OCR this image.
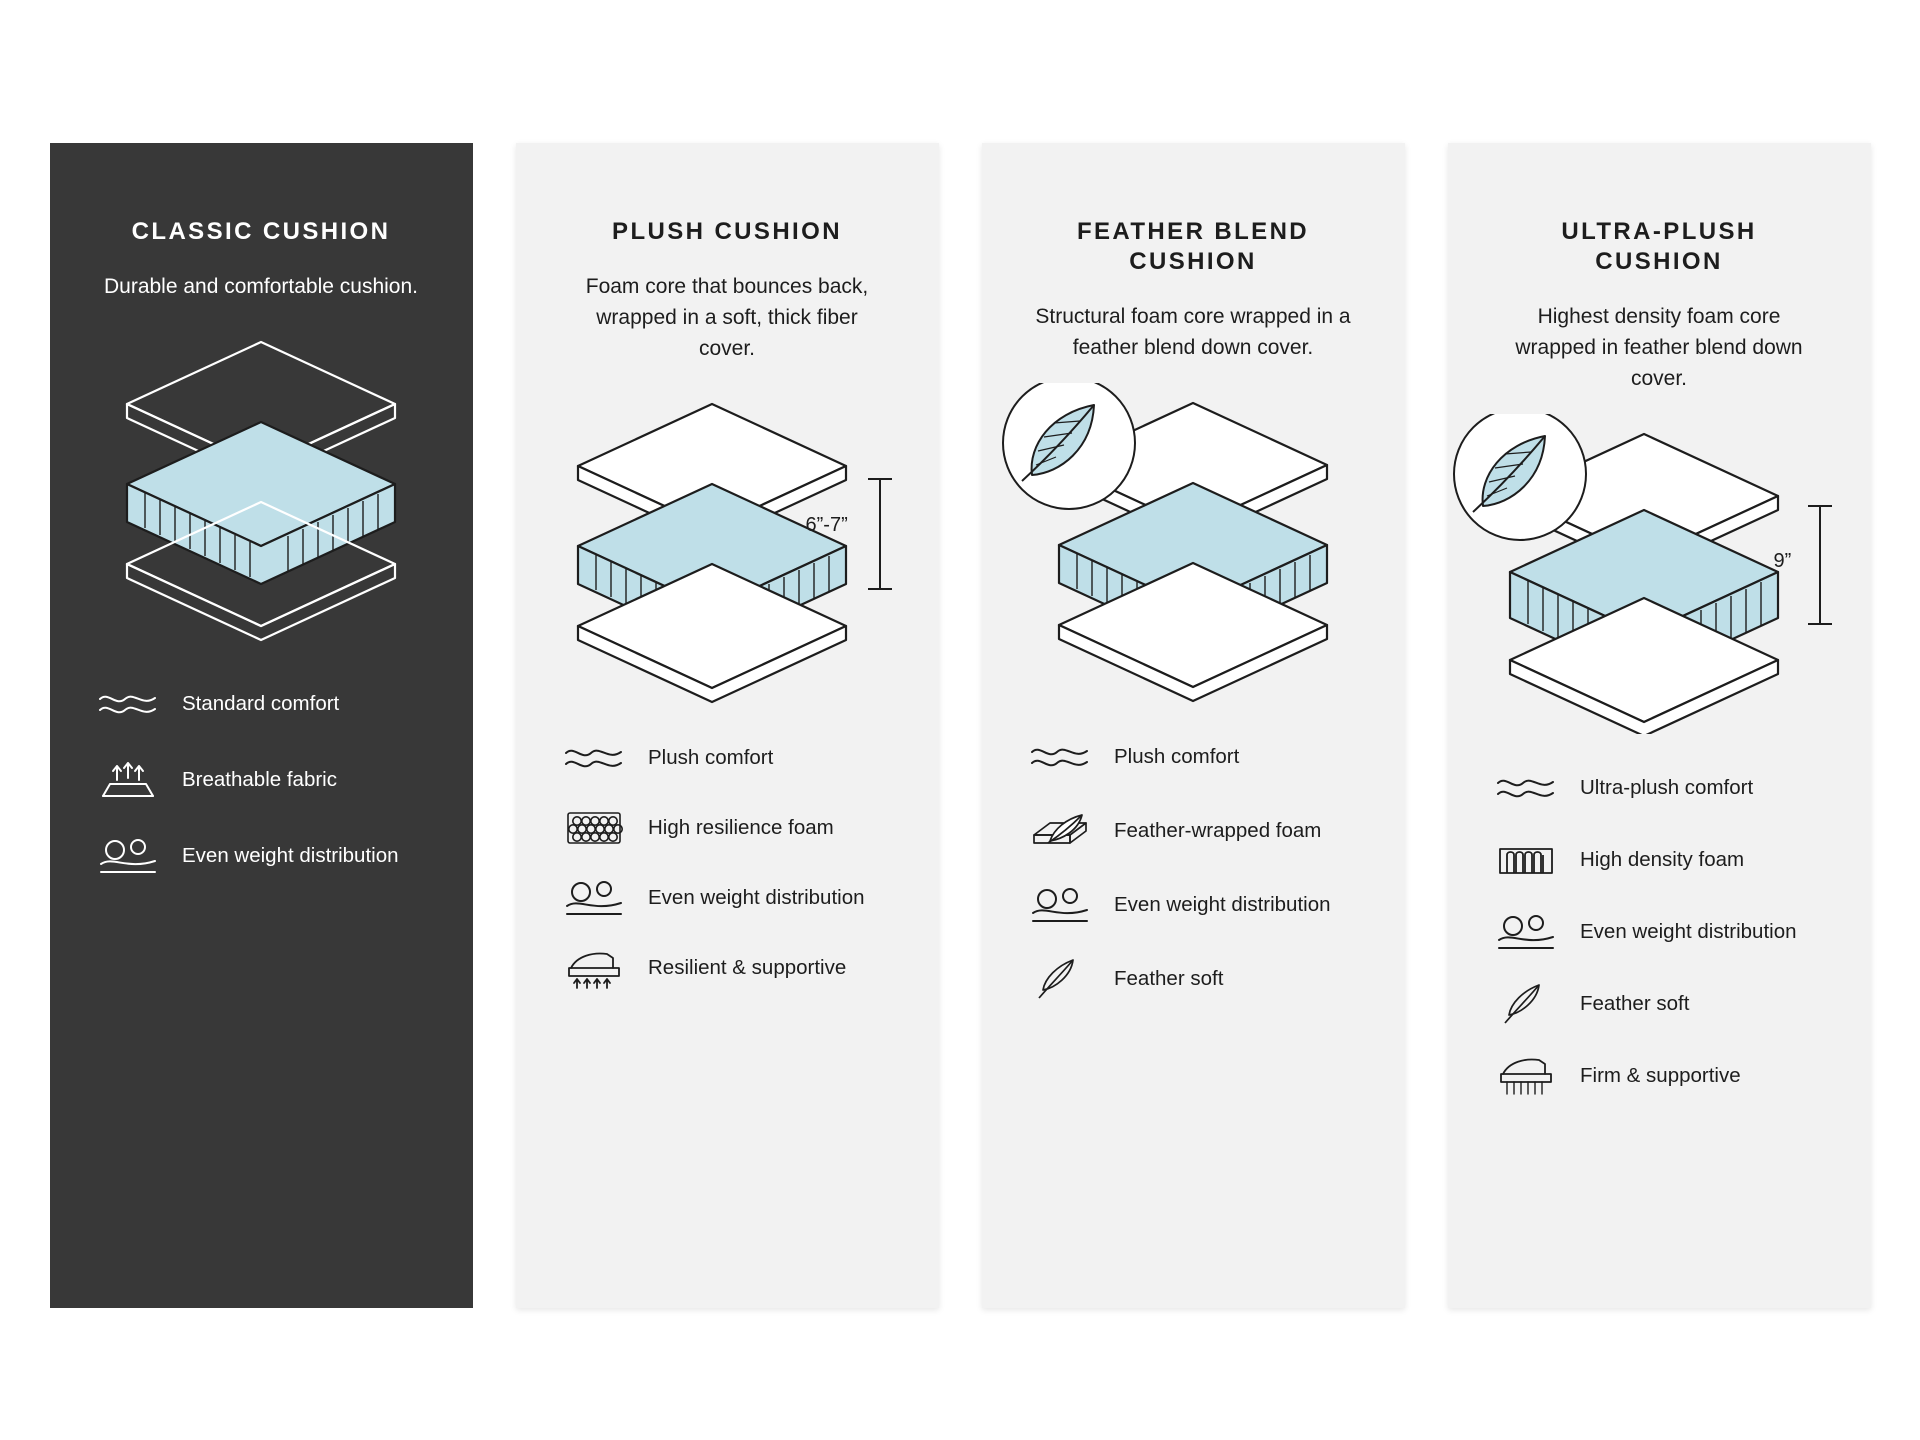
CLASSIC CUSHION
Durable and comfortable cushion.
Standard comfort
Breathable fabric
Even weight distribution
PLUSH CUSHION
Foam core that bounces back, wrapped in a soft, thick fiber cover.
6”-7”
Plush comfort
High resilience foam
Even weight distribution
Resilient & supportive
FEATHER BLEND CUSHION
Structural foam core wrapped in a feather blend down cover.
Plush comfort
Feather-wrapped foam
Even weight distribution
Feather soft
ULTRA-PLUSH CUSHION
Highest density foam core wrapped in feather blend down cover.
9”
Ultra-plush comfort
High density foam
Even weight distribution
Feather soft
Firm & supportive
